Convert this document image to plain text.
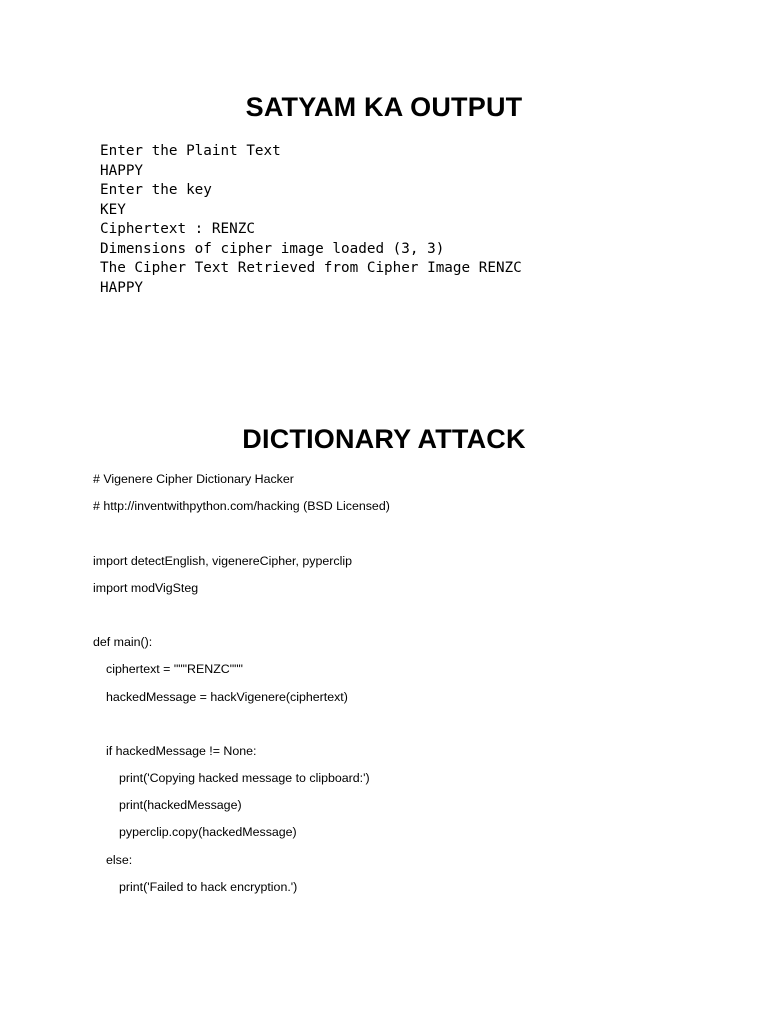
SATYAM KA OUTPUT
Enter the Plaint Text
HAPPY
Enter the key
KEY
Ciphertext : RENZC
Dimensions of cipher image loaded (3, 3)
The Cipher Text Retrieved from Cipher Image RENZC
HAPPY
DICTIONARY ATTACK
# Vigenere Cipher Dictionary Hacker
# http://inventwithpython.com/hacking (BSD Licensed)
import detectEnglish, vigenereCipher, pyperclip
import modVigSteg
def main():
ciphertext = """RENZC"""
hackedMessage = hackVigenere(ciphertext)
if hackedMessage != None:
print('Copying hacked message to clipboard:')
print(hackedMessage)
pyperclip.copy(hackedMessage)
else:
print('Failed to hack encryption.')
